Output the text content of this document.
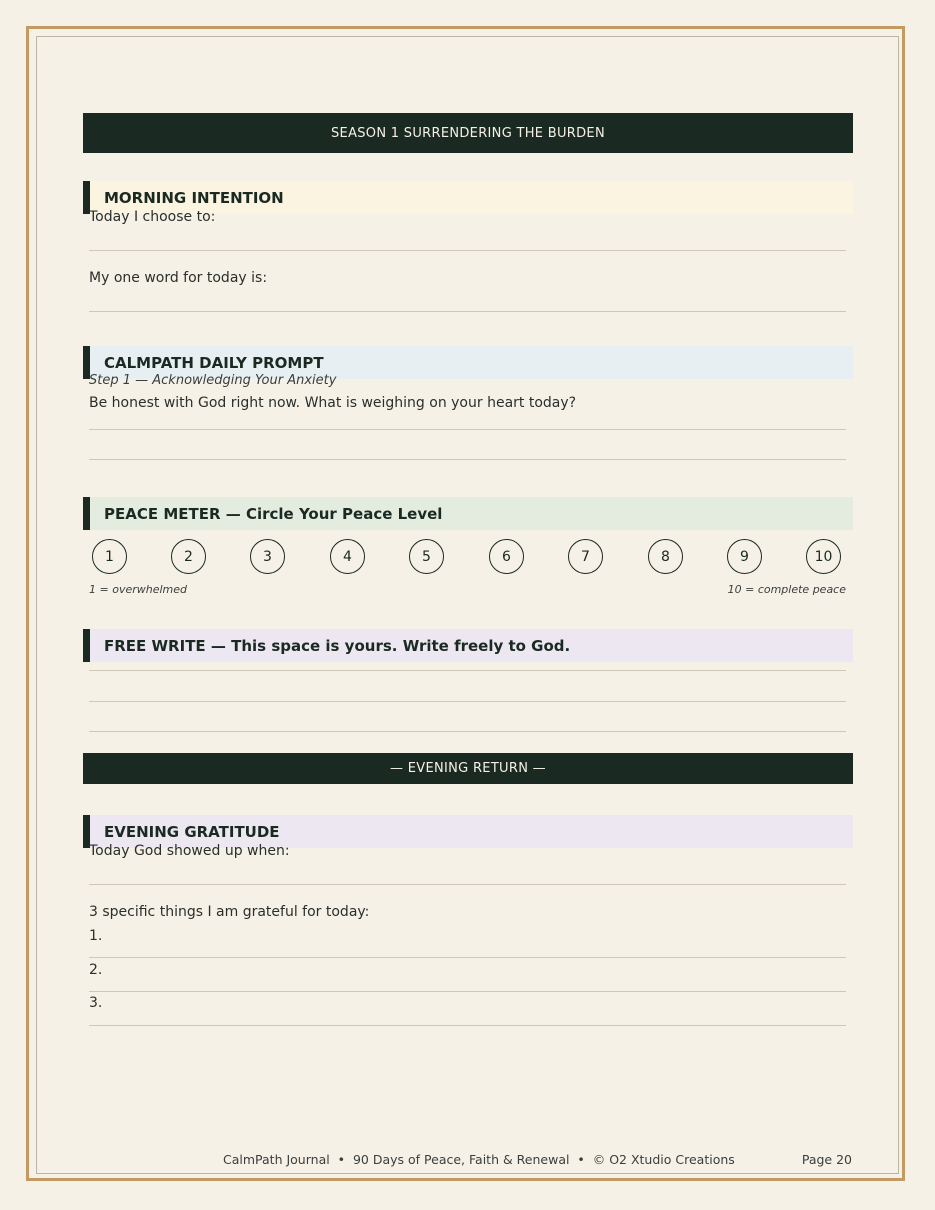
SEASON 1 SURRENDERING THE BURDEN
MORNING INTENTION
Today I choose to:
My one word for today is:
CALMPATH DAILY PROMPT
Step 1 — Acknowledging Your Anxiety
Be honest with God right now. What is weighing on your heart today?
PEACE METER — Circle Your Peace Level
1	2	3	4	5	6	7	8	9	10
1 = overwhelmed	10 = complete peace
FREE WRITE — This space is yours. Write freely to God.
— EVENING RETURN —
EVENING GRATITUDE
Today God showed up when:
3 specific things I am grateful for today:
1.
2.
3.
CalmPath Journal  •  90 Days of Peace, Faith & Renewal  •  © O2 Xtudio Creations	Page 20
